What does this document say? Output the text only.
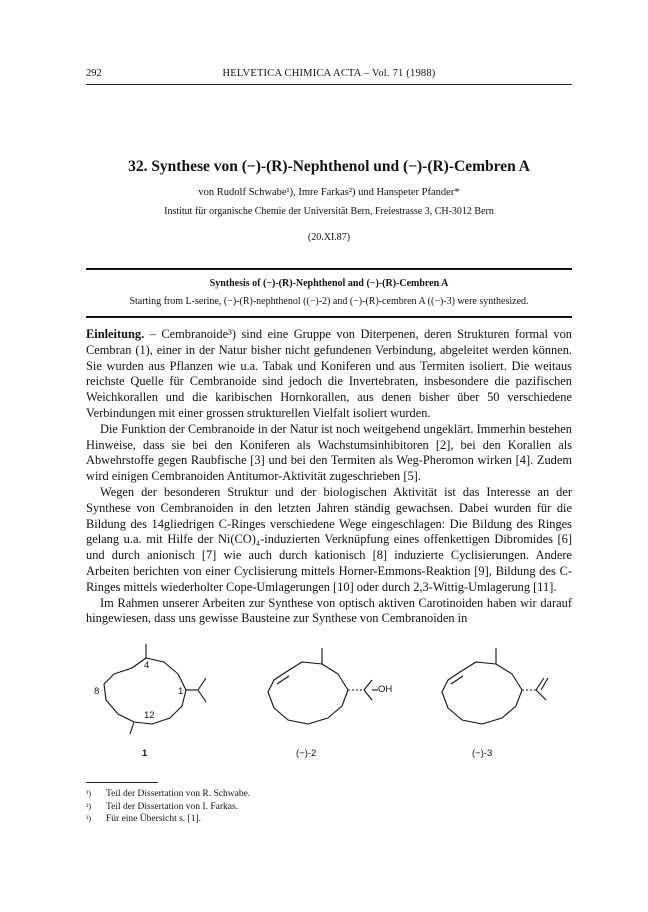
292	HELVETICA CHIMICA ACTA – Vol. 71 (1988)
32. Synthese von (−)-(R)-Nephthenol und (−)-(R)-Cembren A
von Rudolf Schwabe¹), Imre Farkas²) und Hanspeter Pfander*
Institut für organische Chemie der Universität Bern, Freiestrasse 3, CH-3012 Bern
(20.XI.87)
Synthesis of (−)-(R)-Nephthenol and (−)-(R)-Cembren A
Starting from L-serine, (−)-(R)-nephthenol ((−)-2) and (−)-(R)-cembren A ((−)-3) were synthesized.

Einleitung. – Cembranoide³) sind eine Gruppe von Diterpenen, deren Strukturen formal von Cembran (1), einer in der Natur bisher nicht gefundenen Verbindung, abgeleitet werden können. Sie wurden aus Pflanzen wie u.a. Tabak und Koniferen und aus Termiten isoliert. Die weitaus reichste Quelle für Cembranoide sind jedoch die Invertebraten, insbesondere die pazifischen Weichkorallen und die karibischen Hornkorallen, aus denen bisher über 50 verschiedene Verbindungen mit einer grossen strukturellen Vielfalt isoliert wurden.

Die Funktion der Cembranoide in der Natur ist noch weitgehend ungeklärt. Immerhin bestehen Hinweise, dass sie bei den Koniferen als Wachstumsinhibitoren [2], bei den Korallen als Abwehrstoffe gegen Raubfische [3] und bei den Termiten als Weg-Pheromon wirken [4]. Zudem wird einigen Cembranoiden Antitumor-Aktivität zugeschrieben [5].

Wegen der besonderen Struktur und der biologischen Aktivität ist das Interesse an der Synthese von Cembranoiden in den letzten Jahren ständig gewachsen. Dabei wurden für die Bildung des 14gliedrigen C-Ringes verschiedene Wege eingeschlagen: Die Bildung des Ringes gelang u.a. mit Hilfe der Ni(CO)₄-induzierten Verknüpfung eines offenkettigen Dibromides [6] und durch anionisch [7] wie auch durch kationisch [8] induzierte Cyclisierungen. Andere Arbeiten berichten von einer Cyclisierung mittels Horner-Emmons-Reaktion [9], Bildung des C-Ringes mittels wiederholter Cope-Umlagerungen [10] oder durch 2,3-Wittig-Umlagerung [11].

Im Rahmen unserer Arbeiten zur Synthese von optisch aktiven Carotinoiden haben wir darauf hingewiesen, dass uns gewisse Bausteine zur Synthese von Cembranoiden in

4
8	1
12
OH
1	(−)-2	(−)-3
¹)	Teil der Dissertation von R. Schwabe.
²)	Teil der Dissertation von I. Farkas.
³)	Für eine Übersicht s. [1].
